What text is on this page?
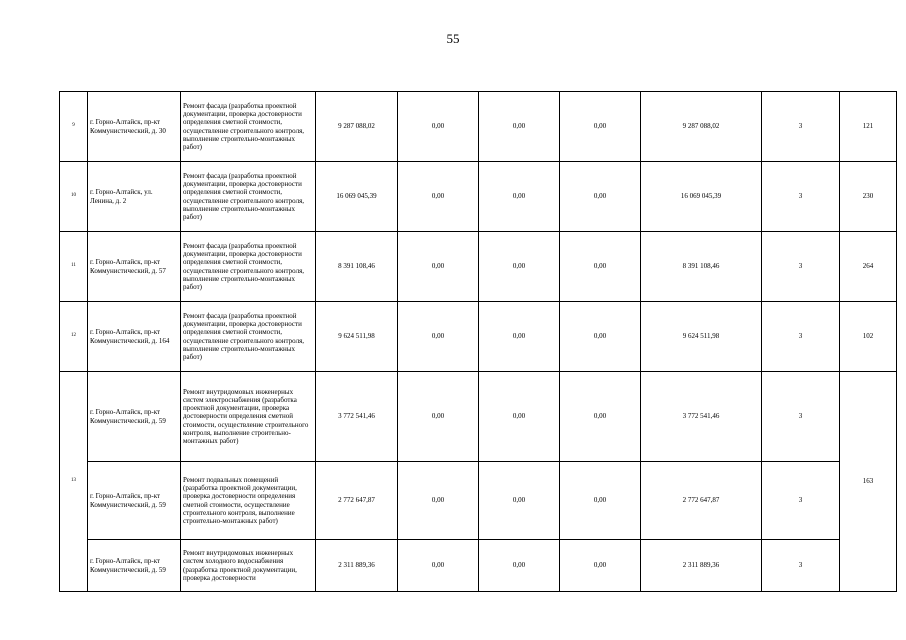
55
9	г. Горно-Алтайск, пр-кт Коммунистический, д. 30	Ремонт фасада (разработка проектной документации, проверка достоверности определения сметной стоимости, осуществление строительного контроля, выполнение строительно-монтажных работ)	9 287 088,02	0,00	0,00	0,00	9 287 088,02	3	121
10	г. Горно-Алтайск, ул. Ленина, д. 2	Ремонт фасада (разработка проектной документации, проверка достоверности определения сметной стоимости, осуществление строительного контроля, выполнение строительно-монтажных работ)	16 069 045,39	0,00	0,00	0,00	16 069 045,39	3	230
11	г. Горно-Алтайск, пр-кт Коммунистический, д. 57	Ремонт фасада (разработка проектной документации, проверка достоверности определения сметной стоимости, осуществление строительного контроля, выполнение строительно-монтажных работ)	8 391 108,46	0,00	0,00	0,00	8 391 108,46	3	264
12	г. Горно-Алтайск, пр-кт Коммунистический, д. 164	Ремонт фасада (разработка проектной документации, проверка достоверности определения сметной стоимости, осуществление строительного контроля, выполнение строительно-монтажных работ)	9 624 511,98	0,00	0,00	0,00	9 624 511,98	3	102
13	г. Горно-Алтайск, пр-кт Коммунистический, д. 59	Ремонт внутридомовых инженерных систем электроснабжения (разработка проектной документации, проверка достоверности определения сметной стоимости, осуществление строительного контроля, выполнение строительно-монтажных работ)	3 772 541,46	0,00	0,00	0,00	3 772 541,46	3	163
	г. Горно-Алтайск, пр-кт Коммунистический, д. 59	Ремонт подвальных помещений (разработка проектной документации, проверка достоверности определения сметной стоимости, осуществление строительного контроля, выполнение строительно-монтажных работ)	2 772 647,87	0,00	0,00	0,00	2 772 647,87	3	
	г. Горно-Алтайск, пр-кт Коммунистический, д. 59	Ремонт внутридомовых инженерных систем холодного водоснабжения (разработка проектной документации, проверка достоверности	2 311 889,36	0,00	0,00	0,00	2 311 889,36	3	
